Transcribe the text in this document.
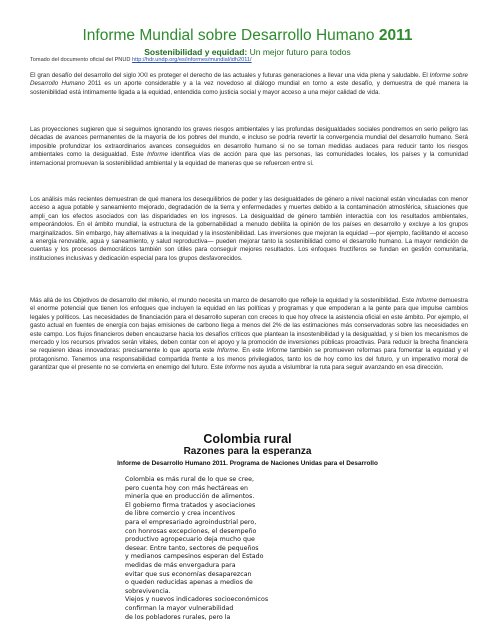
Informe Mundial sobre Desarrollo Humano 2011
Sostenibilidad y equidad: Un mejor futuro para todos
Tomado del documento oficial del PNUD http://hdr.undp.org/es/informes/mundial/idh2011/
El gran desafío del desarrollo del siglo XXI es proteger el derecho de las actuales y futuras generaciones a llevar una vida plena y saludable. El Informe sobre Desarrollo Humano 2011 es un aporte considerable y a la vez novedoso al diálogo mundial en torno a este desafío, y demuestra de qué manera la sostenibilidad está íntimamente ligada a la equidad, entendida como justicia social y mayor acceso a una mejor calidad de vida.
Las proyecciones sugieren que si seguimos ignorando los graves riesgos ambientales y las profundas desigualdades sociales pondremos en serio peligro las décadas de avances permanentes de la mayoría de los pobres del mundo, e incluso se podría revertir la convergencia mundial del desarrollo humano. Será imposible profundizar los extraordinarios avances conseguidos en desarrollo humano si no se toman medidas audaces para reducir tanto los riesgos ambientales como la desigualdad. Este Informe identifica vías de acción para que las personas, las comunidades locales, los países y la comunidad internacional promuevan la sostenibilidad ambiental y la equidad de maneras que se refuercen entre sí.
Los análisis más recientes demuestran de qué manera los desequilibrios de poder y las desigualdades de género a nivel nacional están vinculadas con menor acceso a agua potable y saneamiento mejorado, degradación de la tierra y enfermedades y muertes debido a la contaminación atmosférica, situaciones que ampli_can los efectos asociados con las disparidades en los ingresos. La desigualdad de género también interactúa con los resultados ambientales, empeorándolos. En el ámbito mundial, la estructura de la gobernabilidad a menudo debilita la opinión de los países en desarrollo y excluye a los grupos marginalizados. Sin embargo, hay alternativas a la inequidad y la insostenibilidad. Las inversiones que mejoran la equidad —por ejemplo, facilitando el acceso a energía renovable, agua y saneamiento, y salud reproductiva— pueden mejorar tanto la sostenibilidad como el desarrollo humano. La mayor rendición de cuentas y los procesos democráticos también son útiles para conseguir mejores resultados. Los enfoques fructíferos se fundan en gestión comunitaria, instituciones inclusivas y dedicación especial para los grupos desfavorecidos.
Más allá de los Objetivos de desarrollo del milenio, el mundo necesita un marco de desarrollo que refleje la equidad y la sostenibilidad. Este Informe demuestra el enorme potencial que tienen los enfoques que incluyen la equidad en las políticas y programas y que empoderan a la gente para que impulse cambios legales y políticos. Las necesidades de financiación para el desarrollo superan con creces lo que hoy ofrece la asistencia oficial en este ámbito. Por ejemplo, el gasto actual en fuentes de energía con bajas emisiones de carbono llega a menos del 2% de las estimaciones más conservadoras sobre las necesidades en este campo. Los flujos financieros deben encauzarse hacia los desafíos críticos que plantean la insostenibilidad y la desigualdad, y si bien los mecanismos de mercado y los recursos privados serán vitales, deben contar con el apoyo y la promoción de inversiones públicas proactivas. Para reducir la brecha financiera se requieren ideas innovadoras: precisamente lo que aporta este Informe. En este Informe también se promueven reformas para fomentar la equidad y el protagonismo. Tenemos una responsabilidad compartida frente a los menos privilegiados, tanto los de hoy como los del futuro, y un imperativo moral de garantizar que el presente no se convierta en enemigo del futuro. Este Informe nos ayuda a vislumbrar la ruta para seguir avanzando en esa dirección.
Colombia rural
Razones para la esperanza
Informe de Desarrollo Humano 2011. Programa de Naciones Unidas para el Desarrollo
Colombia es más rural de lo que se cree,
pero cuenta hoy con más hectáreas en
minería que en producción de alimentos.
El gobierno firma tratados y asociaciones
de libre comercio y crea incentivos
para el empresariado agroindustrial pero,
con honrosas excepciones, el desempeño
productivo agropecuario deja mucho que
desear. Entre tanto, sectores de pequeños
y medianos campesinos esperan del Estado
medidas de más envergadura para
evitar que sus economías desaparezcan
o queden reducidas apenas a medios de
sobrevivencia.
Viejos y nuevos indicadores socioeconómicos
confirman la mayor vulnerabilidad
de los pobladores rurales, pero la
